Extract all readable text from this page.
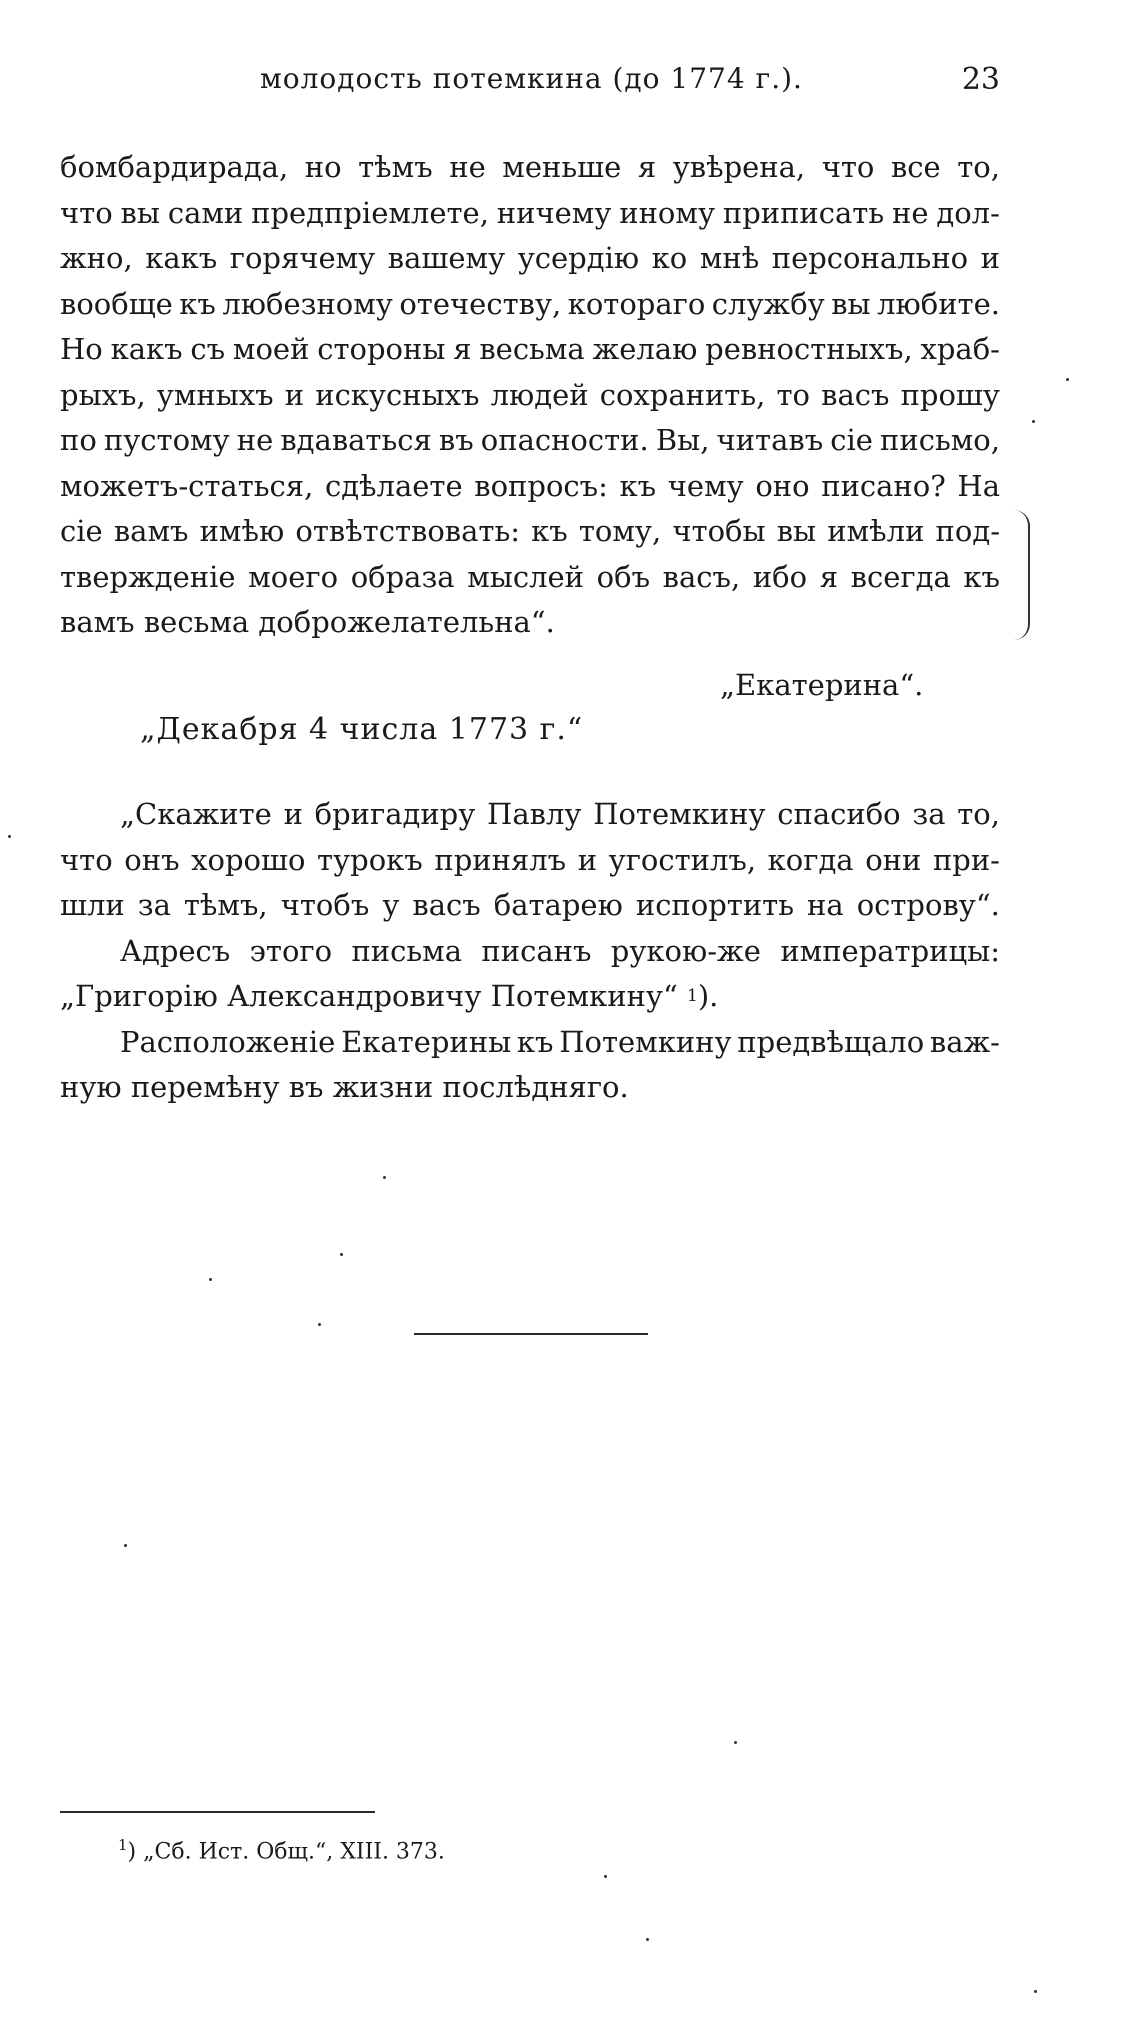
молодость потемкина (до 1774 г.).	23
бомбардирада, но тѣмъ не меньше я увѣрена, что все то,
что вы сами предпріемлете, ничему иному приписать не дол-
жно, какъ горячему вашему усердію ко мнѣ персонально и
вообще къ любезному отечеству, котораго службу вы любите.
Но какъ съ моей стороны я весьма желаю ревностныхъ, храб-
рыхъ, умныхъ и искусныхъ людей сохранить, то васъ прошу
по пустому не вдаваться въ опасности. Вы, читавъ сіе письмо,
можетъ-статься, сдѣлаете вопросъ: къ чему оно писано? На
сіе вамъ имѣю отвѣтствовать: къ тому, чтобы вы имѣли под-
твержденіе моего образа мыслей объ васъ, ибо я всегда къ
вамъ весьма доброжелательна“.
„Екатерина“.
„Декабря 4 числа 1773 г.“
„Скажите и бригадиру Павлу Потемкину спасибо за то,
что онъ хорошо турокъ принялъ и угостилъ, когда они при-
шли за тѣмъ, чтобъ у васъ батарею испортить на острову“.
Адресъ этого письма писанъ рукою-же императрицы:
„Григорію Александровичу Потемкину“
1 ).
Расположеніе Екатерины къ Потемкину предвѣщало важ-
ную перемѣну въ жизни послѣдняго.
$^1$) „Сб. Ист. Общ.“, XIII. 373.
